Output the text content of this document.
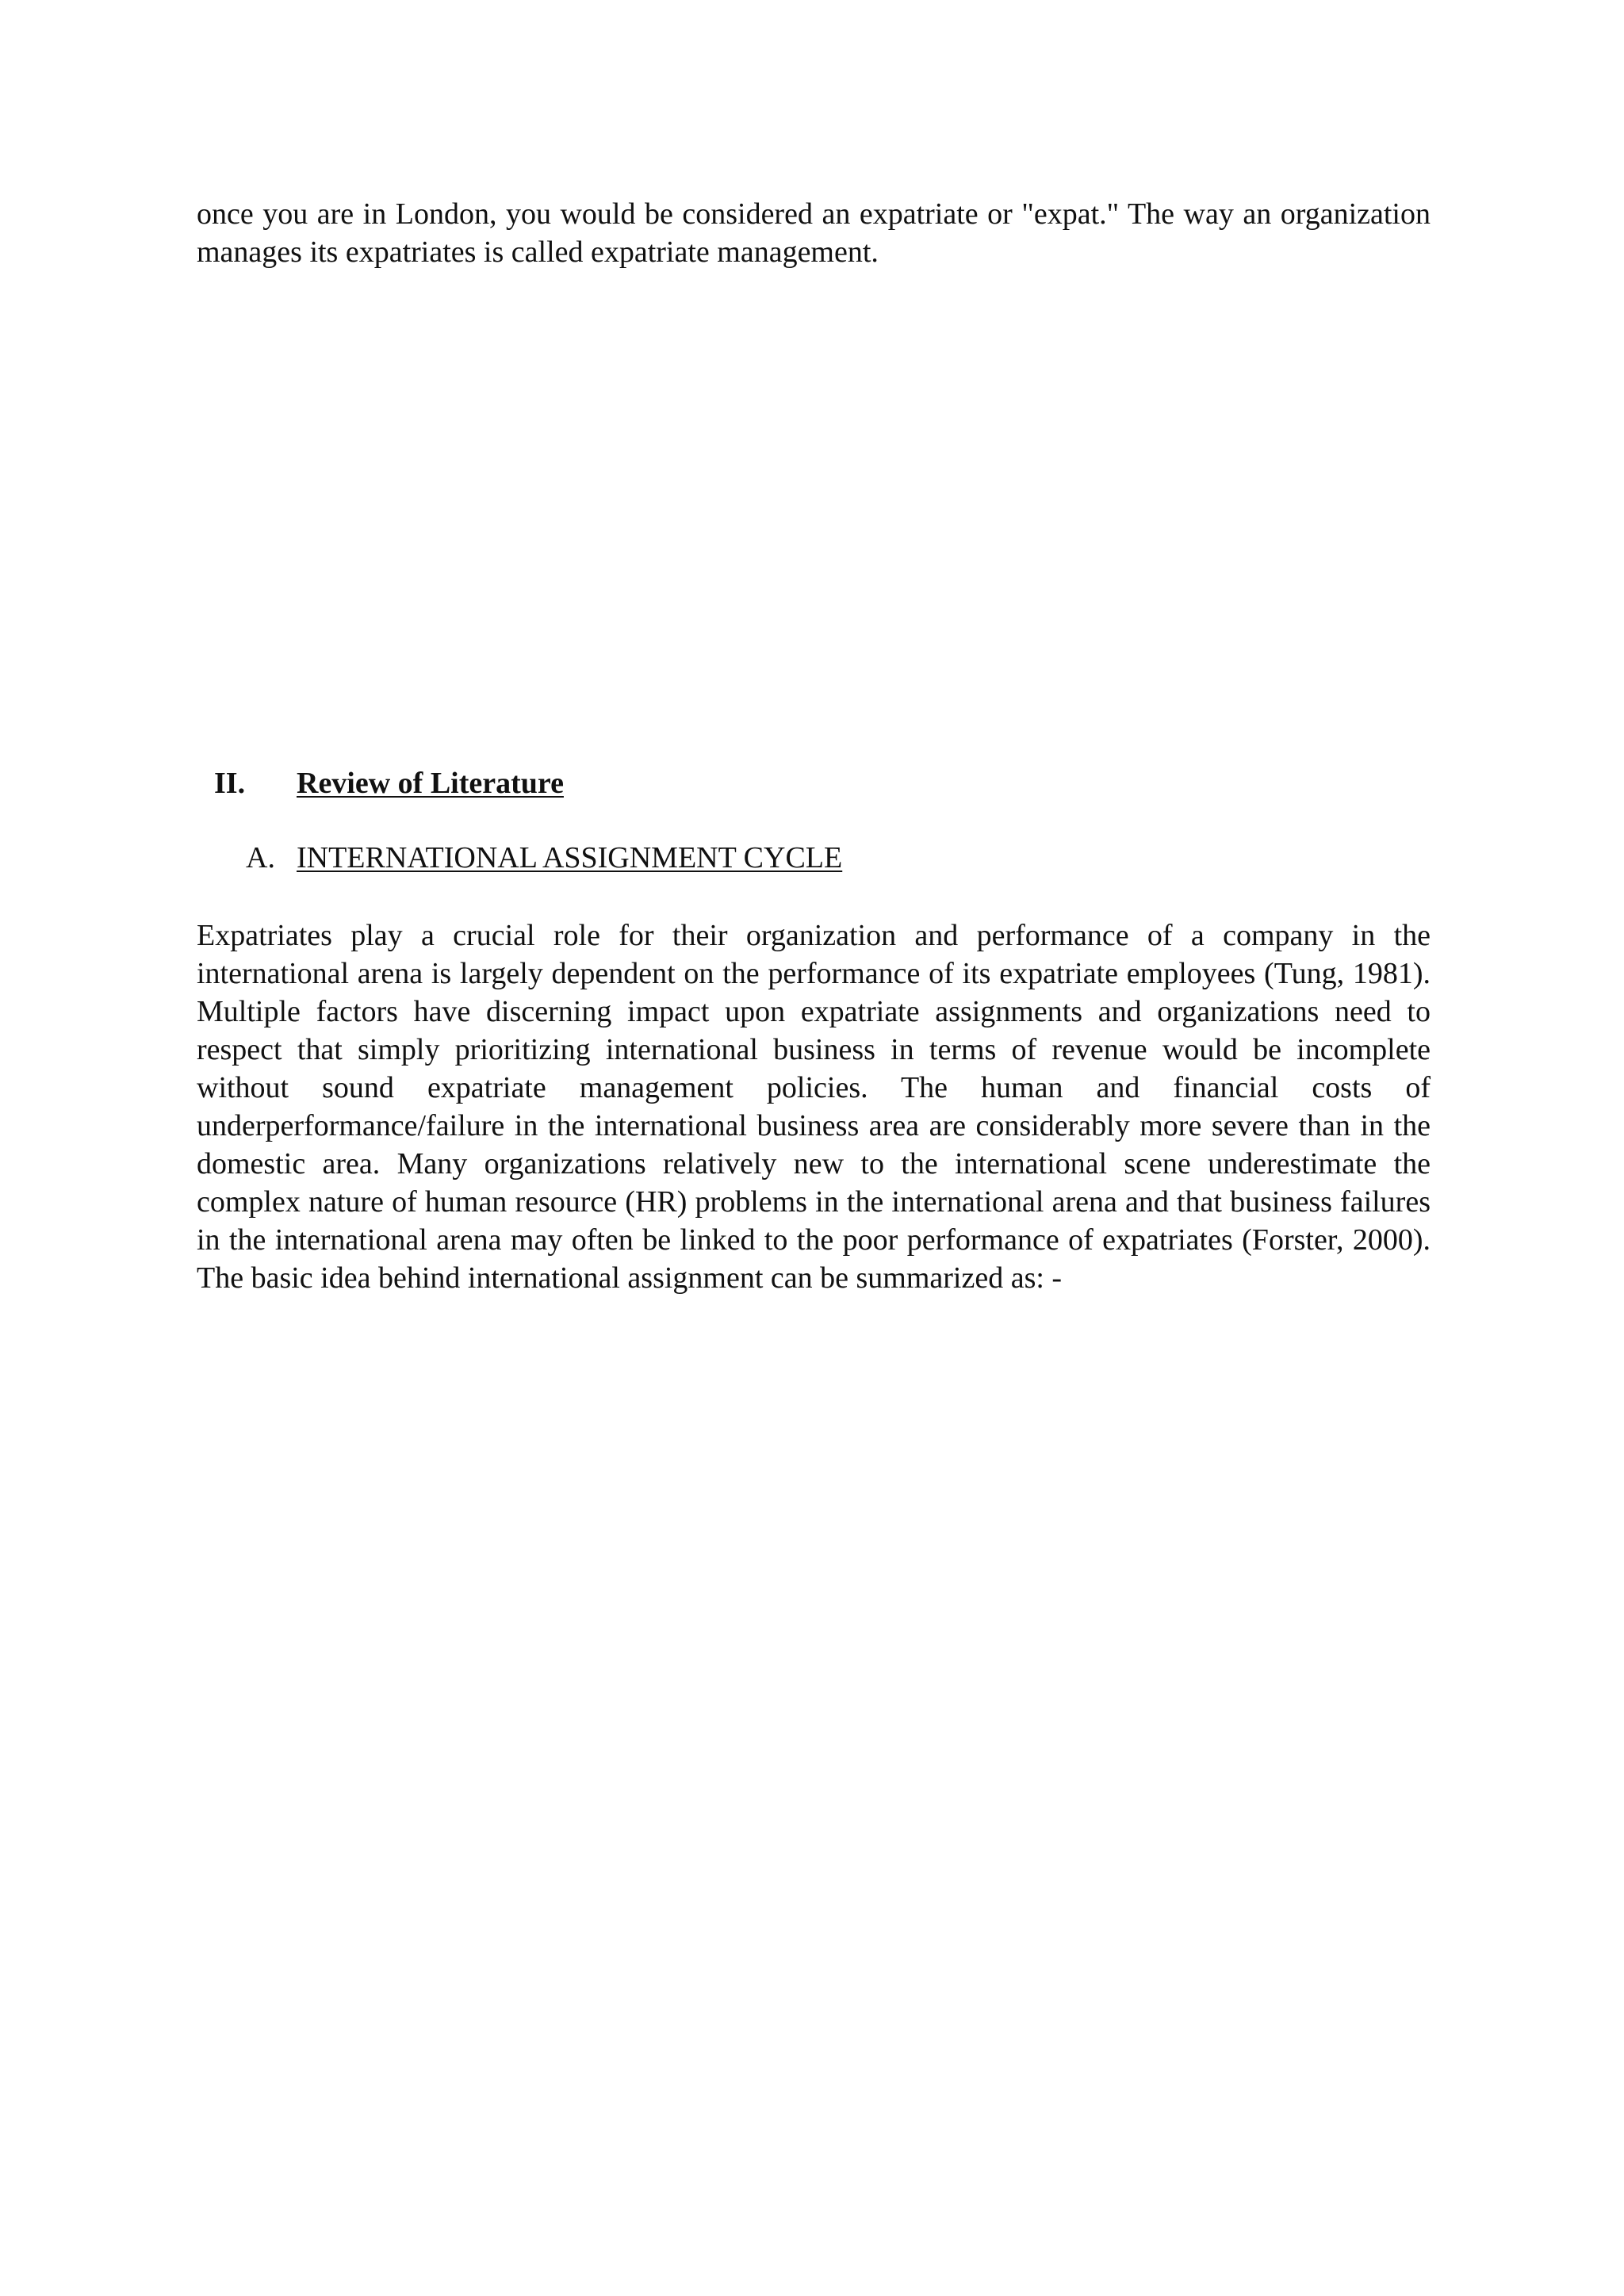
once you are in London, you would be considered an expatriate or "expat." The way an organization manages its expatriates is called expatriate management.

II. Review of Literature
A. INTERNATIONAL ASSIGNMENT CYCLE

Expatriates play a crucial role for their organization and performance of a company in the international arena is largely dependent on the performance of its expatriate employees (Tung, 1981). Multiple factors have discerning impact upon expatriate assignments and organizations need to respect that simply prioritizing international business in terms of revenue would be incomplete without sound expatriate management policies. The human and financial costs of underperformance/failure in the international business area are considerably more severe than in the domestic area. Many organizations relatively new to the international scene underestimate the complex nature of human resource (HR) problems in the international arena and that business failures in the international arena may often be linked to the poor performance of expatriates (Forster, 2000). The basic idea behind international assignment can be summarized as: -
